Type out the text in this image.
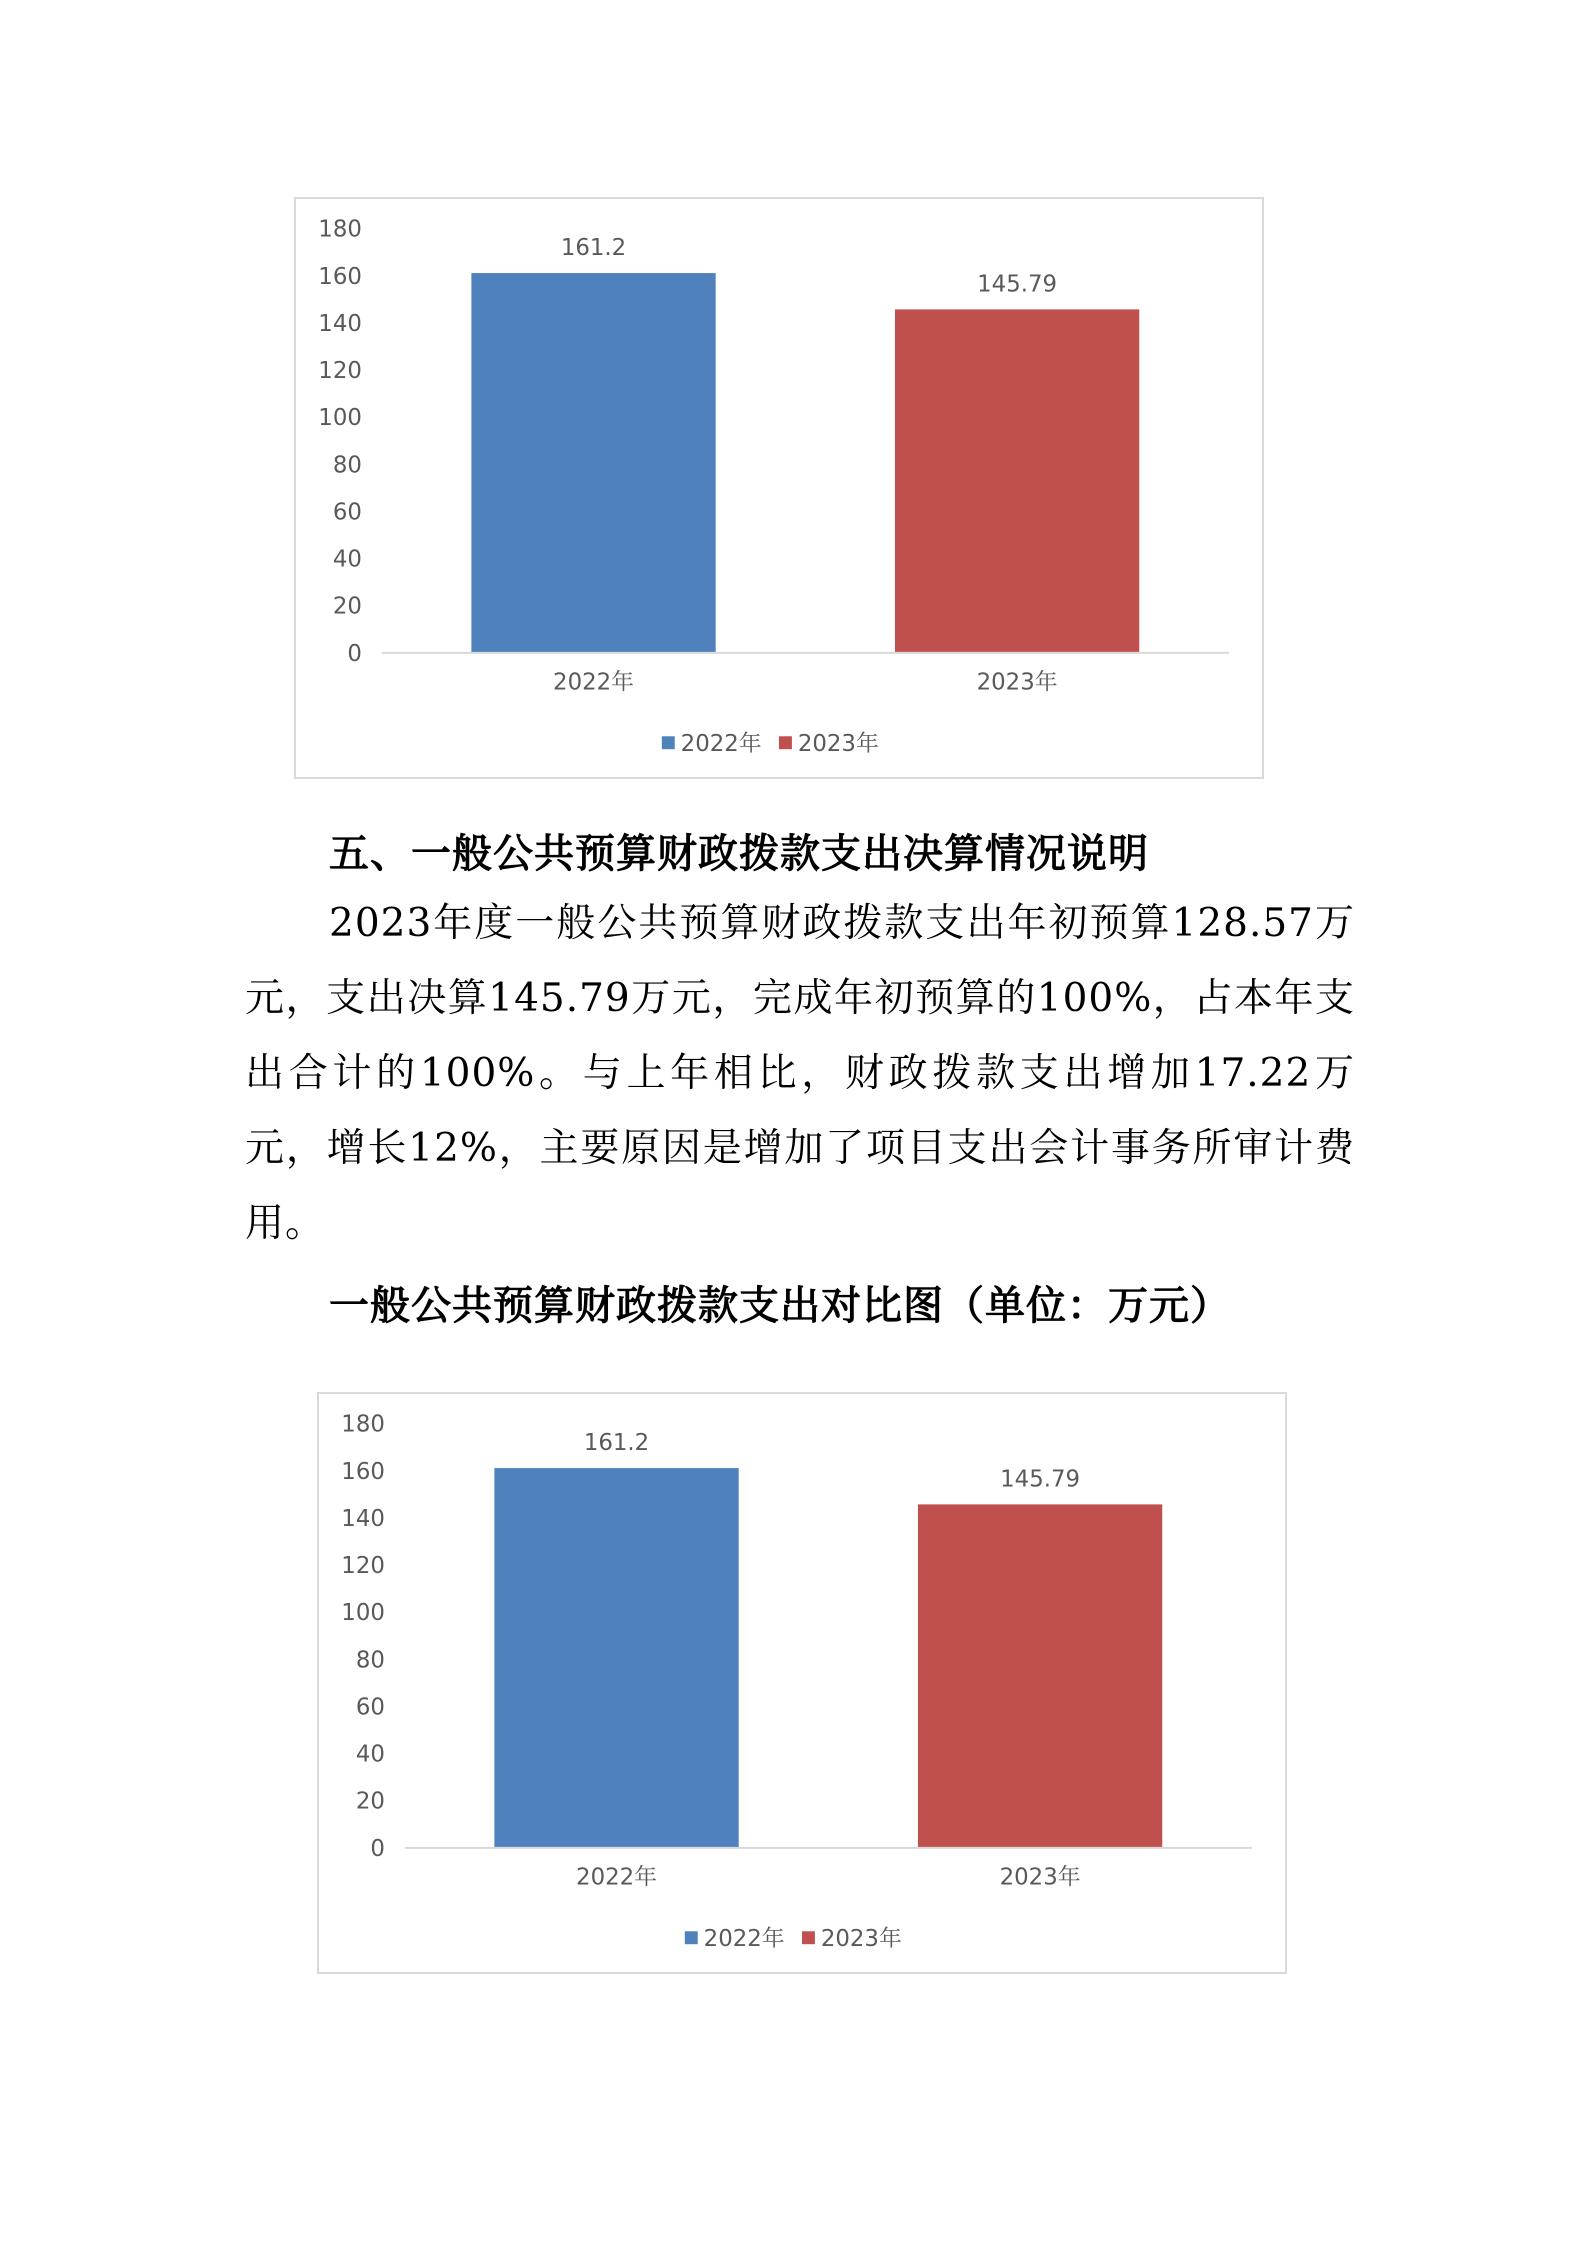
0
20
40
60
80
100
120
140
160
180
161.2
2022年
145.79
2023年
2022年 2023年
五、一般公共预算财政拨款支出决算情况说明
2023年度一般公共预算财政拨款支出年初预算128.57万元，支出决算145.79万元，完成年初预算的100%，占本年支出合计的100%。与上年相比，财政拨款支出增加17.22万元，增长12%，主要原因是增加了项目支出会计事务所审计费用。
一般公共预算财政拨款支出对比图（单位：万元）
0
20
40
60
80
100
120
140
160
180
161.2
2022年
145.79
2023年
2022年 2023年
